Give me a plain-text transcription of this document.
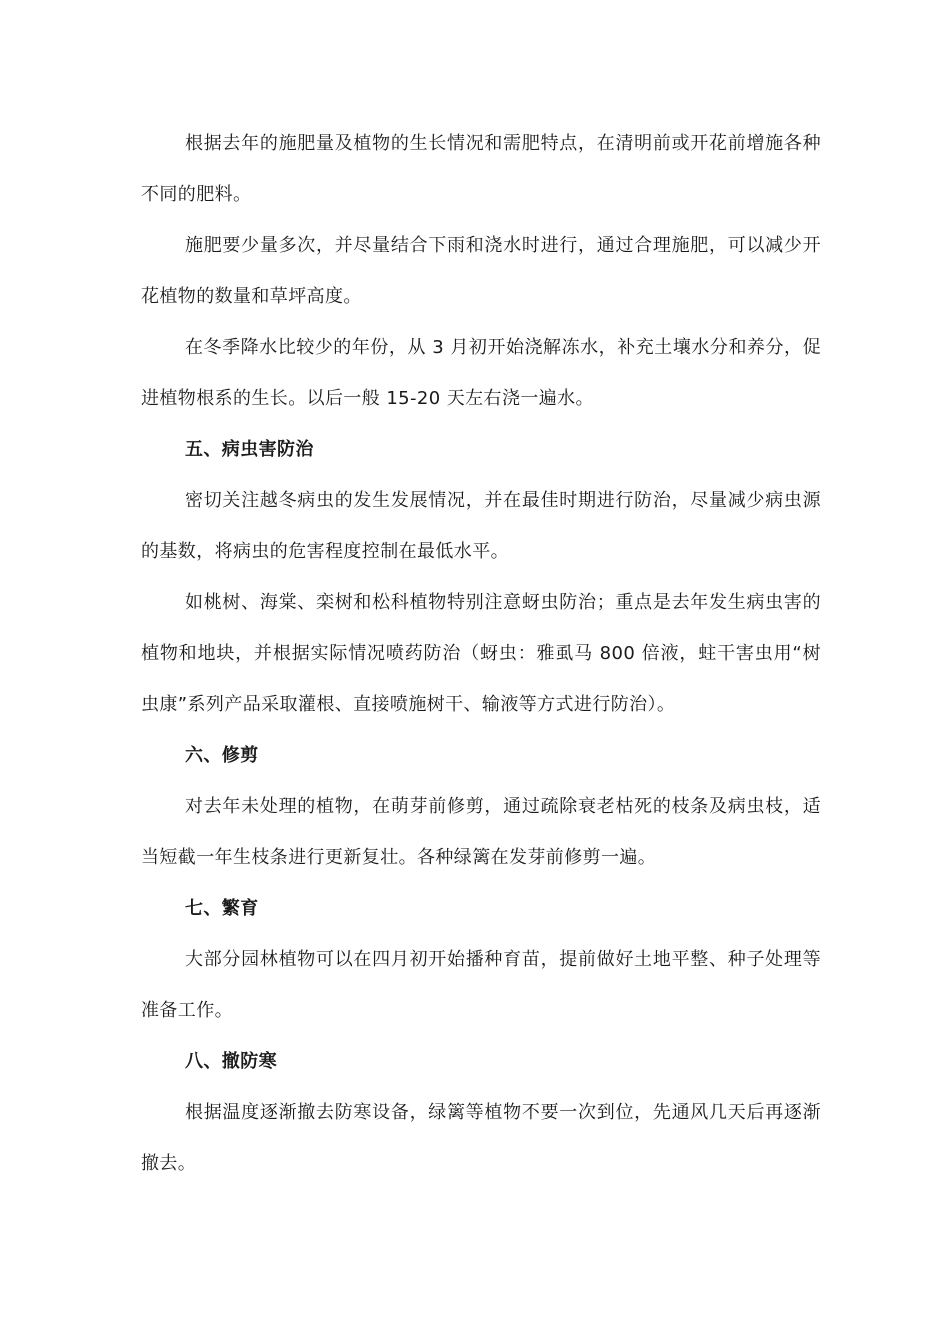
根据去年的施肥量及植物的生长情况和需肥特点，在清明前或开花前增施各种不同的肥料。

施肥要少量多次，并尽量结合下雨和浇水时进行，通过合理施肥，可以减少开花植物的数量和草坪高度。

在冬季降水比较少的年份，从 3 月初开始浇解冻水，补充土壤水分和养分，促进植物根系的生长。以后一般 15-20 天左右浇一遍水。

五、病虫害防治

密切关注越冬病虫的发生发展情况，并在最佳时期进行防治，尽量减少病虫源的基数，将病虫的危害程度控制在最低水平。

如桃树、海棠、栾树和松科植物特别注意蚜虫防治；重点是去年发生病虫害的植物和地块，并根据实际情况喷药防治（蚜虫：雅虱马 800 倍液，蛀干害虫用“树虫康”系列产品采取灌根、直接喷施树干、输液等方式进行防治）。

六、修剪

对去年未处理的植物，在萌芽前修剪，通过疏除衰老枯死的枝条及病虫枝，适当短截一年生枝条进行更新复壮。各种绿篱在发芽前修剪一遍。

七、繁育

大部分园林植物可以在四月初开始播种育苗，提前做好土地平整、种子处理等准备工作。

八、撤防寒

根据温度逐渐撤去防寒设备，绿篱等植物不要一次到位，先通风几天后再逐渐撤去。
